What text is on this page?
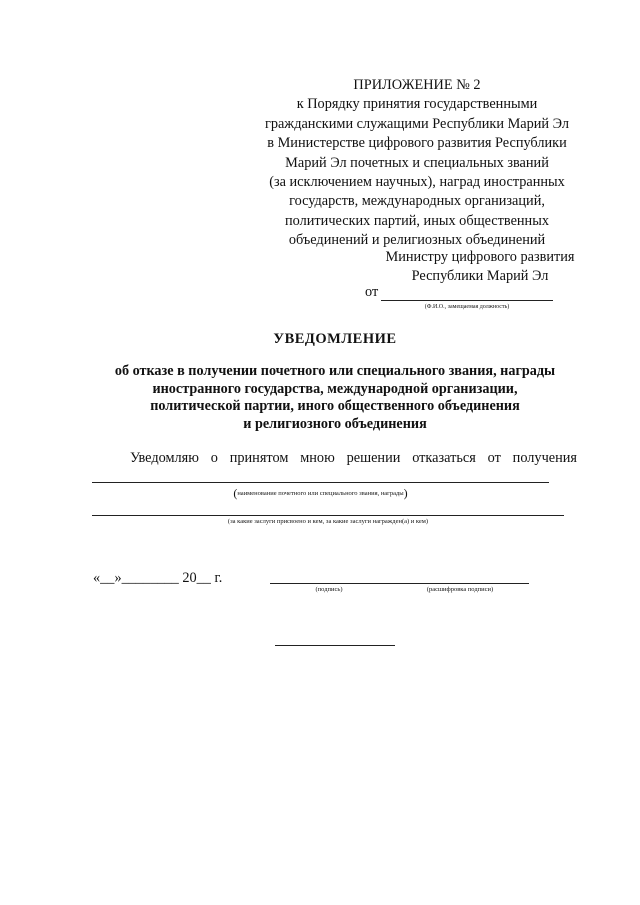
ПРИЛОЖЕНИЕ № 2
к Порядку принятия государственными
гражданскими служащими Республики Марий Эл
в Министерстве цифрового развития Республики
Марий Эл почетных и специальных званий
(за исключением научных), наград иностранных
государств, международных организаций,
политических партий, иных общественных
объединений и религиозных объединений
Министру цифрового развития
Республики Марий Эл
от
(Ф.И.О., замещаемая должность)
УВЕДОМЛЕНИЕ
об отказе в получении почетного или специального звания, награды
иностранного государства, международной организации,
политической партии, иного общественного объединения
и религиозного объединения
Уведомляю о принятом мною решении отказаться от получения
(наименование почетного или специального звания, награды)
(за какие заслуги присвоено и кем, за какие заслуги награжден(а) и кем)
«__»________ 20__ г.
(подпись)	(расшифровка подписи)
